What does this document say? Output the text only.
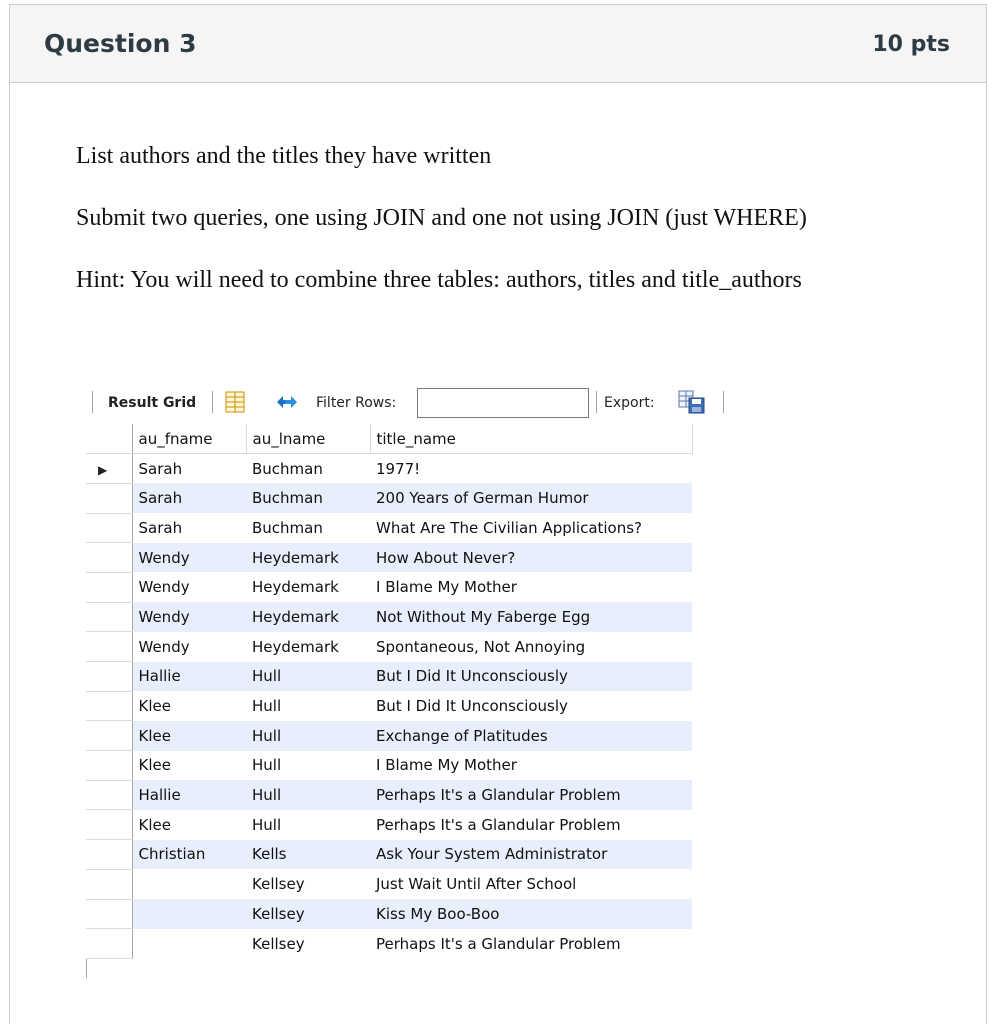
Question 3	10 pts
List authors and the titles they have written
Submit two queries, one using JOIN and one not using JOIN (just WHERE)
Hint: You will need to combine three tables: authors, titles and title_authors
Result Grid	Filter Rows:	Export:
	au_fname	au_lname	title_name
▶	Sarah	Buchman	1977!
	Sarah	Buchman	200 Years of German Humor
	Sarah	Buchman	What Are The Civilian Applications?
	Wendy	Heydemark	How About Never?
	Wendy	Heydemark	I Blame My Mother
	Wendy	Heydemark	Not Without My Faberge Egg
	Wendy	Heydemark	Spontaneous, Not Annoying
	Hallie	Hull	But I Did It Unconsciously
	Klee	Hull	But I Did It Unconsciously
	Klee	Hull	Exchange of Platitudes
	Klee	Hull	I Blame My Mother
	Hallie	Hull	Perhaps It's a Glandular Problem
	Klee	Hull	Perhaps It's a Glandular Problem
	Christian	Kells	Ask Your System Administrator
		Kellsey	Just Wait Until After School
		Kellsey	Kiss My Boo-Boo
		Kellsey	Perhaps It's a Glandular Problem
